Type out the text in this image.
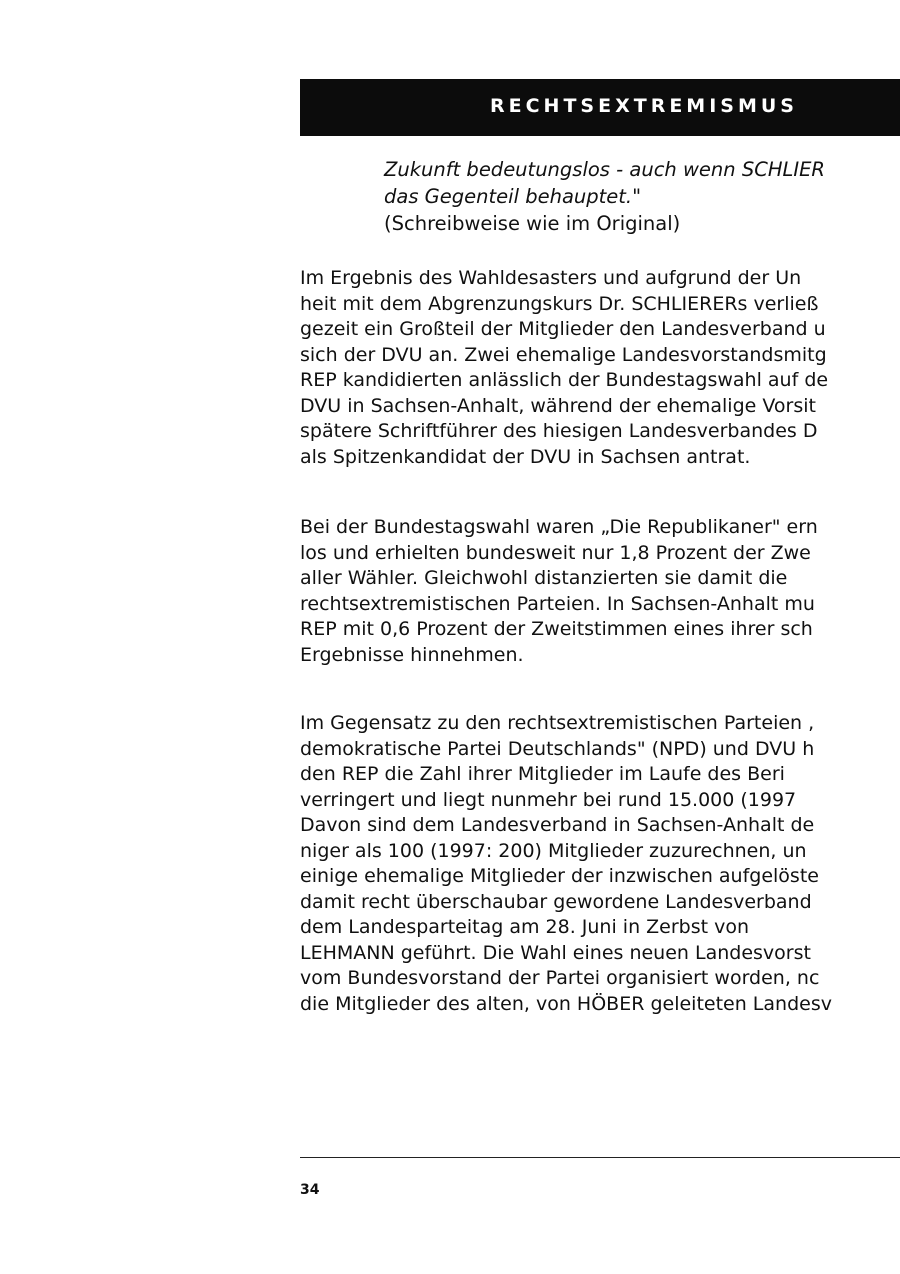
RECHTSEXTREMISMUS
Zukunft bedeutungslos - auch wenn SCHLIER
das Gegenteil behauptet."
(Schreibweise wie im Original)
Im Ergebnis des Wahldesasters und aufgrund der Un
heit mit dem Abgrenzungskurs Dr. SCHLIERERs verließ
gezeit ein Großteil der Mitglieder den Landesverband u
sich der DVU an. Zwei ehemalige Landesvorstandsmitg
REP kandidierten anlässlich der Bundestagswahl auf de
DVU in Sachsen-Anhalt, während der ehemalige Vorsit
spätere Schriftführer des hiesigen Landesverbandes D
als Spitzenkandidat der DVU in Sachsen antrat.
Bei der Bundestagswahl waren „Die Republikaner" ern
los und erhielten bundesweit nur 1,8 Prozent der Zwe
aller Wähler. Gleichwohl distanzierten sie damit die
rechtsextremistischen Parteien. In Sachsen-Anhalt mu
REP mit 0,6 Prozent der Zweitstimmen eines ihrer sch
Ergebnisse hinnehmen.
Im Gegensatz zu den rechtsextremistischen Parteien ,
demokratische Partei Deutschlands" (NPD) und DVU h
den REP die Zahl ihrer Mitglieder im Laufe des Beri
verringert und liegt nunmehr bei rund 15.000 (1997
Davon sind dem Landesverband in Sachsen-Anhalt de
niger als 100 (1997: 200) Mitglieder zuzurechnen, un
einige ehemalige Mitglieder der inzwischen aufgelöste
damit recht überschaubar gewordene Landesverband
dem Landesparteitag am 28. Juni in Zerbst von
LEHMANN geführt. Die Wahl eines neuen Landesvorst
vom Bundesvorstand der Partei organisiert worden, nc
die Mitglieder des alten, von HÖBER geleiteten Landesv
34
